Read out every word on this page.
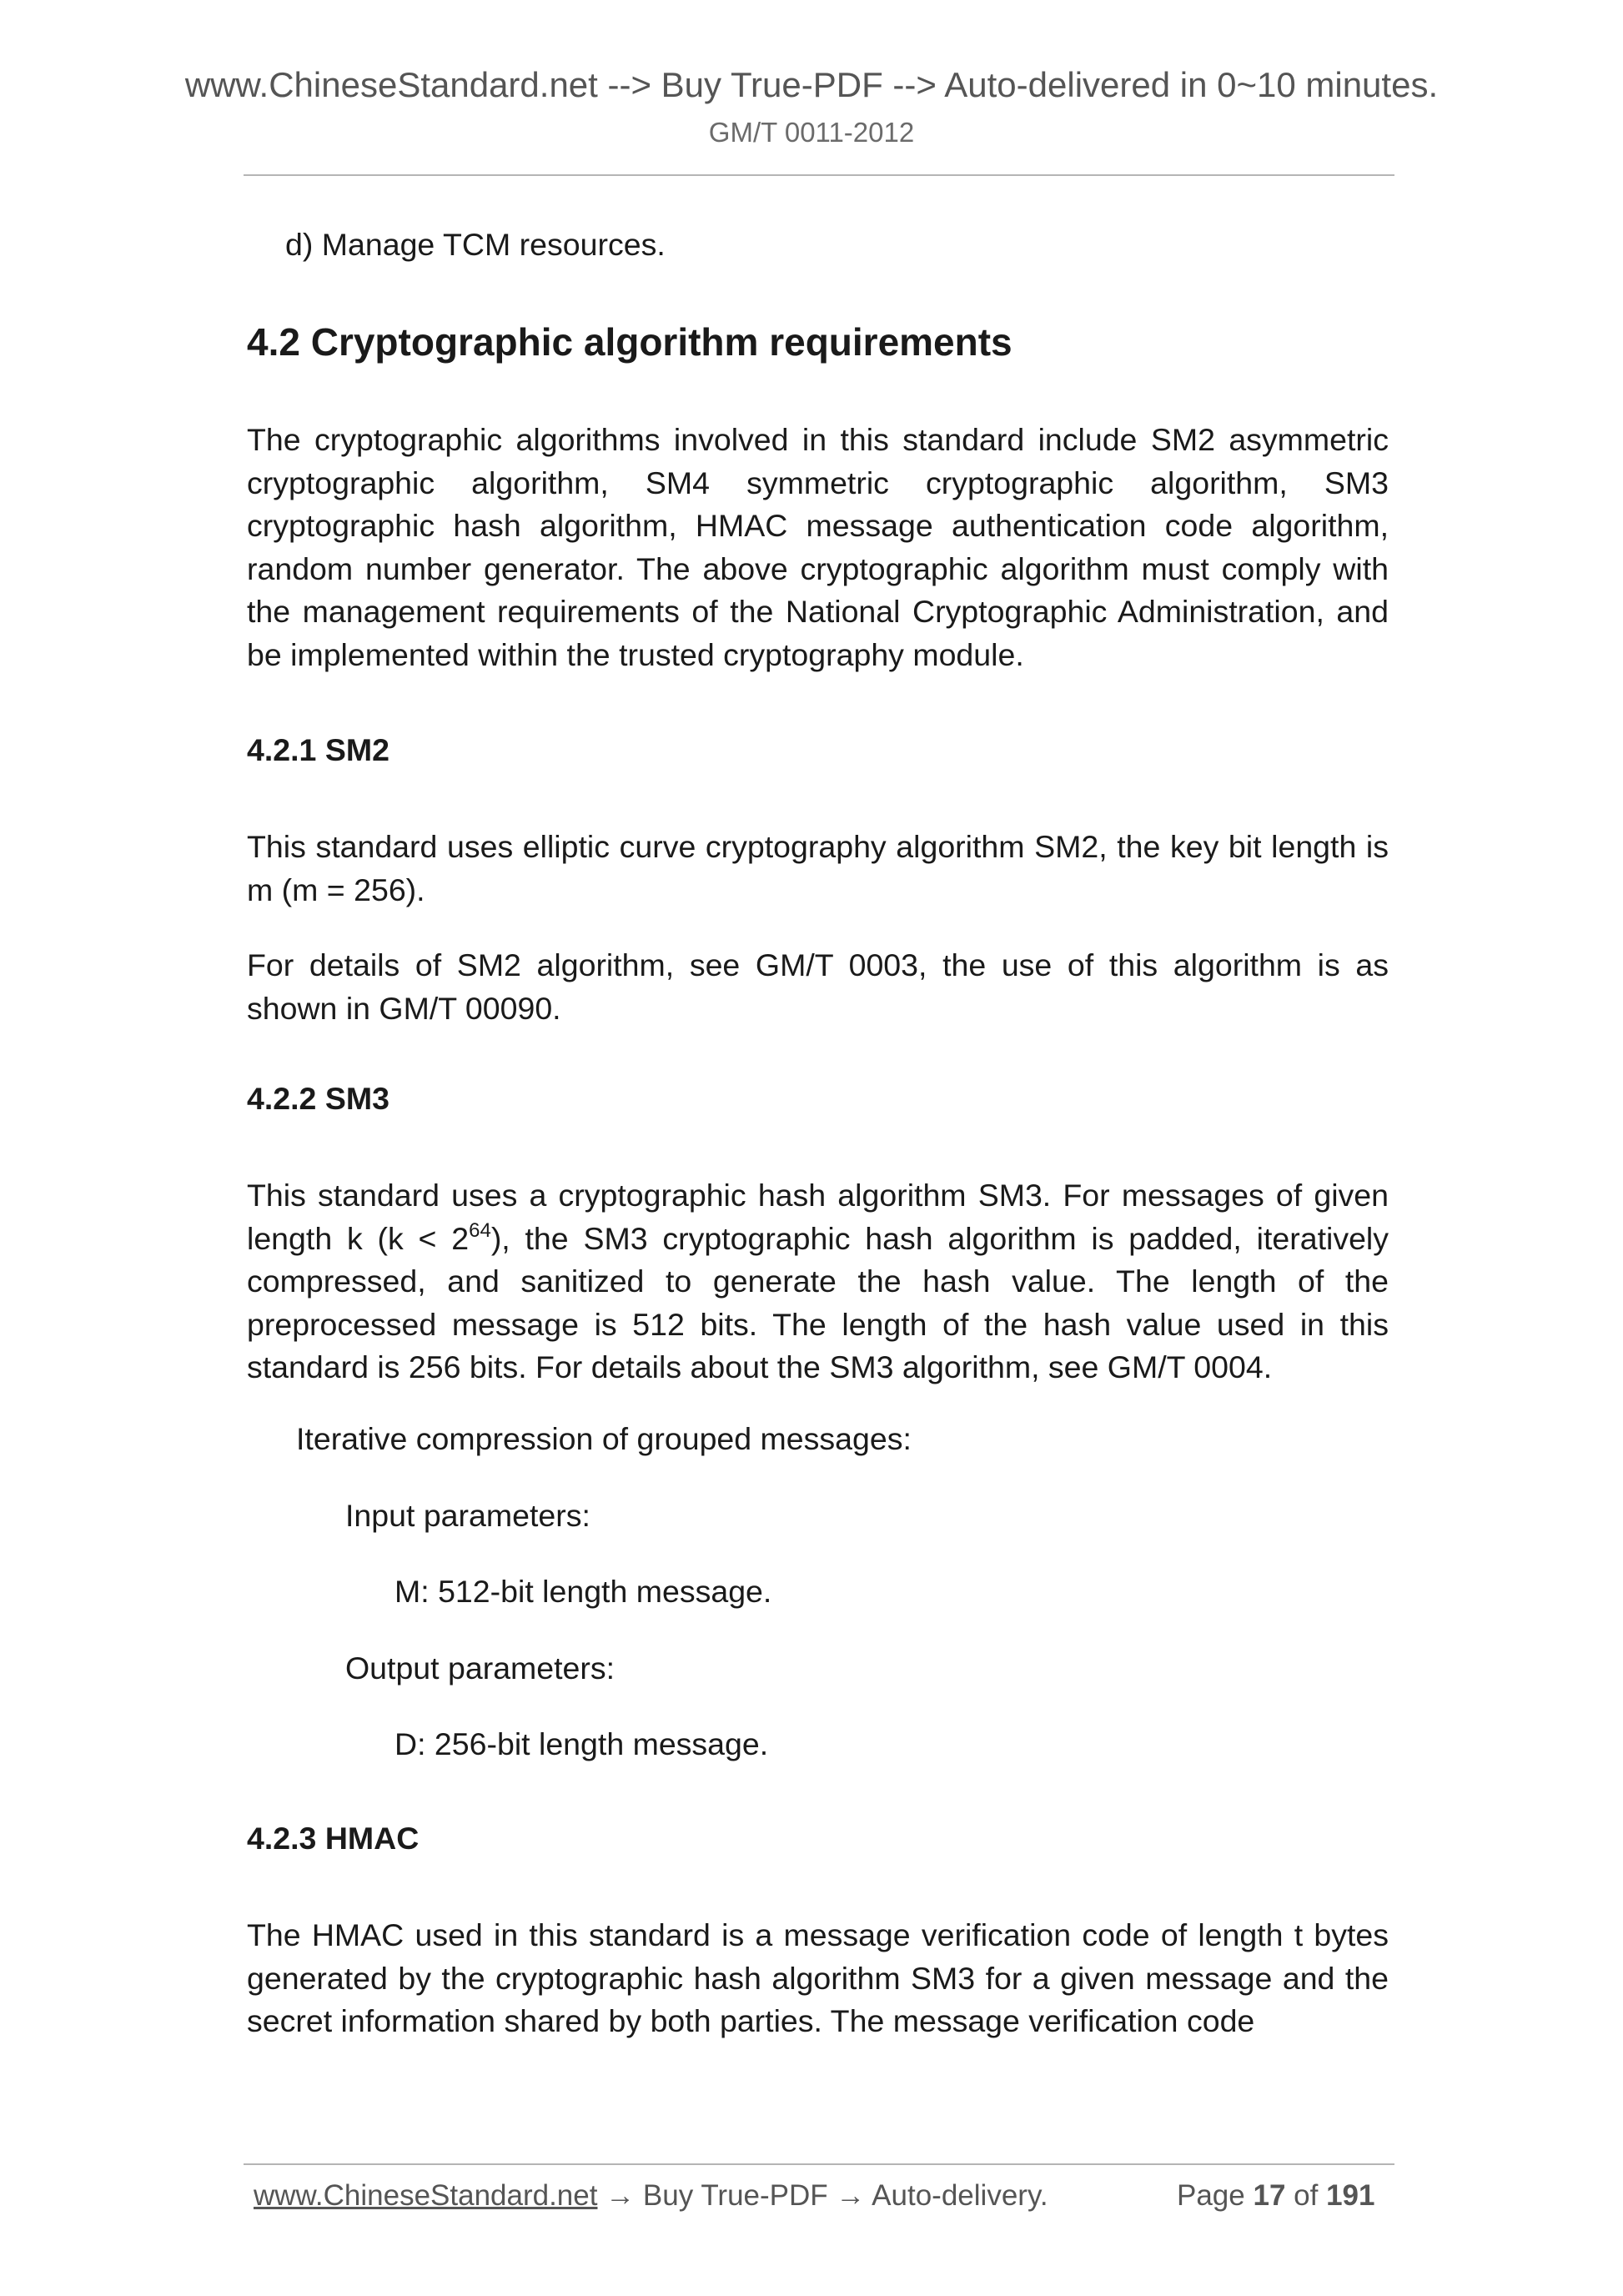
www.ChineseStandard.net --> Buy True-PDF --> Auto-delivered in 0~10 minutes.
GM/T 0011-2012

d) Manage TCM resources.

4.2 Cryptographic algorithm requirements

The cryptographic algorithms involved in this standard include SM2 asymmetric cryptographic algorithm, SM4 symmetric cryptographic algorithm, SM3 cryptographic hash algorithm, HMAC message authentication code algorithm, random number generator. The above cryptographic algorithm must comply with the management requirements of the National Cryptographic Administration, and be implemented within the trusted cryptography module.

4.2.1 SM2

This standard uses elliptic curve cryptography algorithm SM2, the key bit length is m (m = 256).

For details of SM2 algorithm, see GM/T 0003, the use of this algorithm is as shown in GM/T 00090.

4.2.2 SM3

This standard uses a cryptographic hash algorithm SM3. For messages of given length k $(k < 2^{64})$, the SM3 cryptographic hash algorithm is padded, iteratively compressed, and sanitized to generate the hash value. The length of the preprocessed message is 512 bits. The length of the hash value used in this standard is 256 bits. For details about the SM3 algorithm, see GM/T 0004.

Iterative compression of grouped messages:

Input parameters:

M: 512-bit length message.

Output parameters:

D: 256-bit length message.

4.2.3 HMAC

The HMAC used in this standard is a message verification code of length t bytes generated by the cryptographic hash algorithm SM3 for a given message and the secret information shared by both parties. The message verification code

www.ChineseStandard.net → Buy True-PDF → Auto-delivery.	Page 17 of 191
